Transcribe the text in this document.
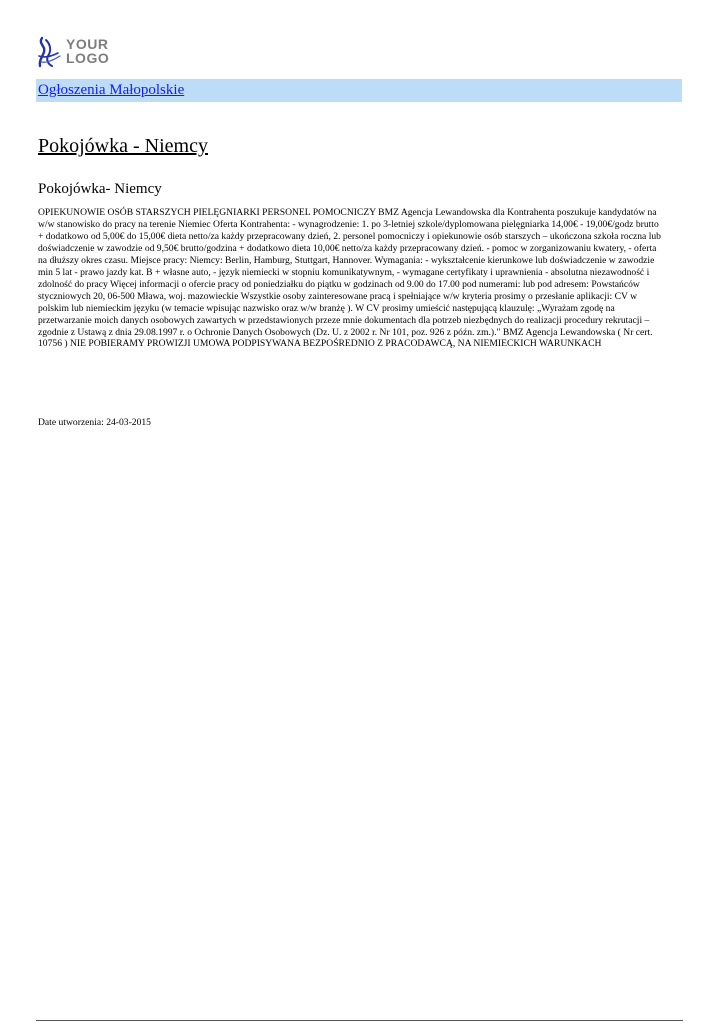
YOUR
LOGO
Ogłoszenia Małopolskie
Pokojówka - Niemcy
Pokojówka- Niemcy

OPIEKUNOWIE OSÓB STARSZYCH PIELĘGNIARKI PERSONEL POMOCNICZY BMZ Agencja Lewandowska dla Kontrahenta poszukuje kandydatów na
w/w stanowisko do pracy na terenie Niemiec Oferta Kontrahenta: - wynagrodzenie: 1. po 3-letniej szkole/dyplomowana pielęgniarka 14,00€ - 19,00€/godz brutto
+ dodatkowo od 5,00€ do 15,00€ dieta netto/za każdy przepracowany dzień, 2. personel pomocniczy i opiekunowie osób starszych – ukończona szkoła roczna lub
doświadczenie w zawodzie od 9,50€ brutto/godzina + dodatkowo dieta 10,00€ netto/za każdy przepracowany dzień. - pomoc w zorganizowaniu kwatery, - oferta
na dłuższy okres czasu. Miejsce pracy: Niemcy: Berlin, Hamburg, Stuttgart, Hannover. Wymagania: - wykształcenie kierunkowe lub doświadczenie w zawodzie
min 5 lat - prawo jazdy kat. B + własne auto, - język niemiecki w stopniu komunikatywnym, - wymagane certyfikaty i uprawnienia - absolutna niezawodność i
zdolność do pracy Więcej informacji o ofercie pracy od poniedziałku do piątku w godzinach od 9.00 do 17.00 pod numerami: lub pod adresem: Powstańców
styczniowych 20, 06-500 Mława, woj. mazowieckie Wszystkie osoby zainteresowane pracą i spełniające w/w kryteria prosimy o przesłanie aplikacji: CV w
polskim lub niemieckim języku (w temacie wpisując nazwisko oraz w/w branżę ). W CV prosimy umieścić następującą klauzulę: „Wyrażam zgodę na
przetwarzanie moich danych osobowych zawartych w przedstawionych przeze mnie dokumentach dla potrzeb niezbędnych do realizacji procedury rekrutacji –
zgodnie z Ustawą z dnia 29.08.1997 r. o Ochronie Danych Osobowych (Dz. U. z 2002 r. Nr 101, poz. 926 z późn. zm.)." BMZ Agencja Lewandowska ( Nr cert.
10756 ) NIE POBIERAMY PROWIZJI UMOWA PODPISYWANA BEZPOŚREDNIO Z PRACODAWCĄ, NA NIEMIECKICH WARUNKACH

Date utworzenia: 24-03-2015
